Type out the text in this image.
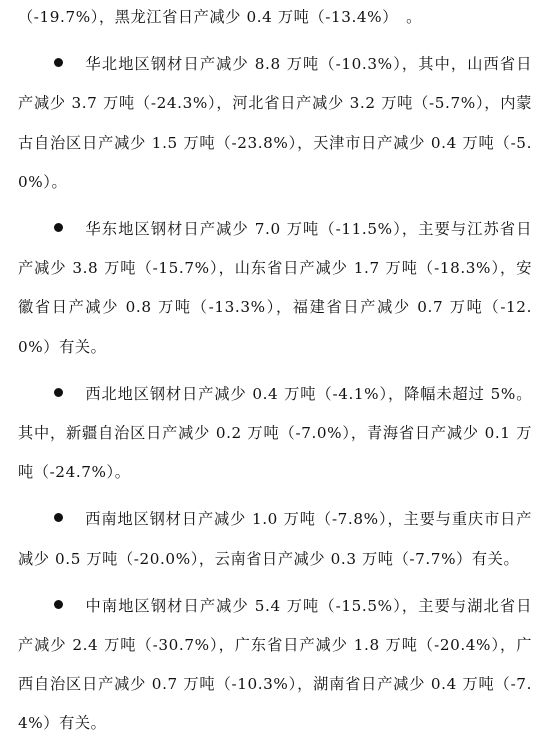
（-19.7%），黑龙江省日产减少 0.4 万吨（-13.4%）　。

华北地区钢材日产减少 8.8 万吨（-10.3%），其中，山西省日产减少 3.7 万吨（-24.3%），河北省日产减少 3.2 万吨（-5.7%），内蒙古自治区日产减少 1.5 万吨（-23.8%），天津市日产减少 0.4 万吨（-5.0%）。

华东地区钢材日产减少 7.0 万吨（-11.5%），主要与江苏省日产减少 3.8 万吨（-15.7%），山东省日产减少 1.7 万吨（-18.3%），安徽省日产减少 0.8 万吨（-13.3%），福建省日产减少 0.7 万吨（-12.0%）有关。

西北地区钢材日产减少 0.4 万吨（-4.1%），降幅未超过 5%。其中，新疆自治区日产减少 0.2 万吨（-7.0%），青海省日产减少 0.1 万吨（-24.7%）。

西南地区钢材日产减少 1.0 万吨（-7.8%），主要与重庆市日产减少 0.5 万吨（-20.0%），云南省日产减少 0.3 万吨（-7.7%）有关。

中南地区钢材日产减少 5.4 万吨（-15.5%），主要与湖北省日产减少 2.4 万吨（-30.7%），广东省日产减少 1.8 万吨（-20.4%），广西自治区日产减少 0.7 万吨（-10.3%），湖南省日产减少 0.4 万吨（-7.4%）有关。
